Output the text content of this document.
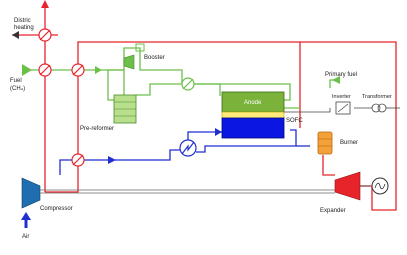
Booster
Pre-reformer
Anode
SOFC
Burner
Inverter Transformer
Distric
heating
Fuel
(CH₄)
Primary fuel
Compressor	Expander
Air
